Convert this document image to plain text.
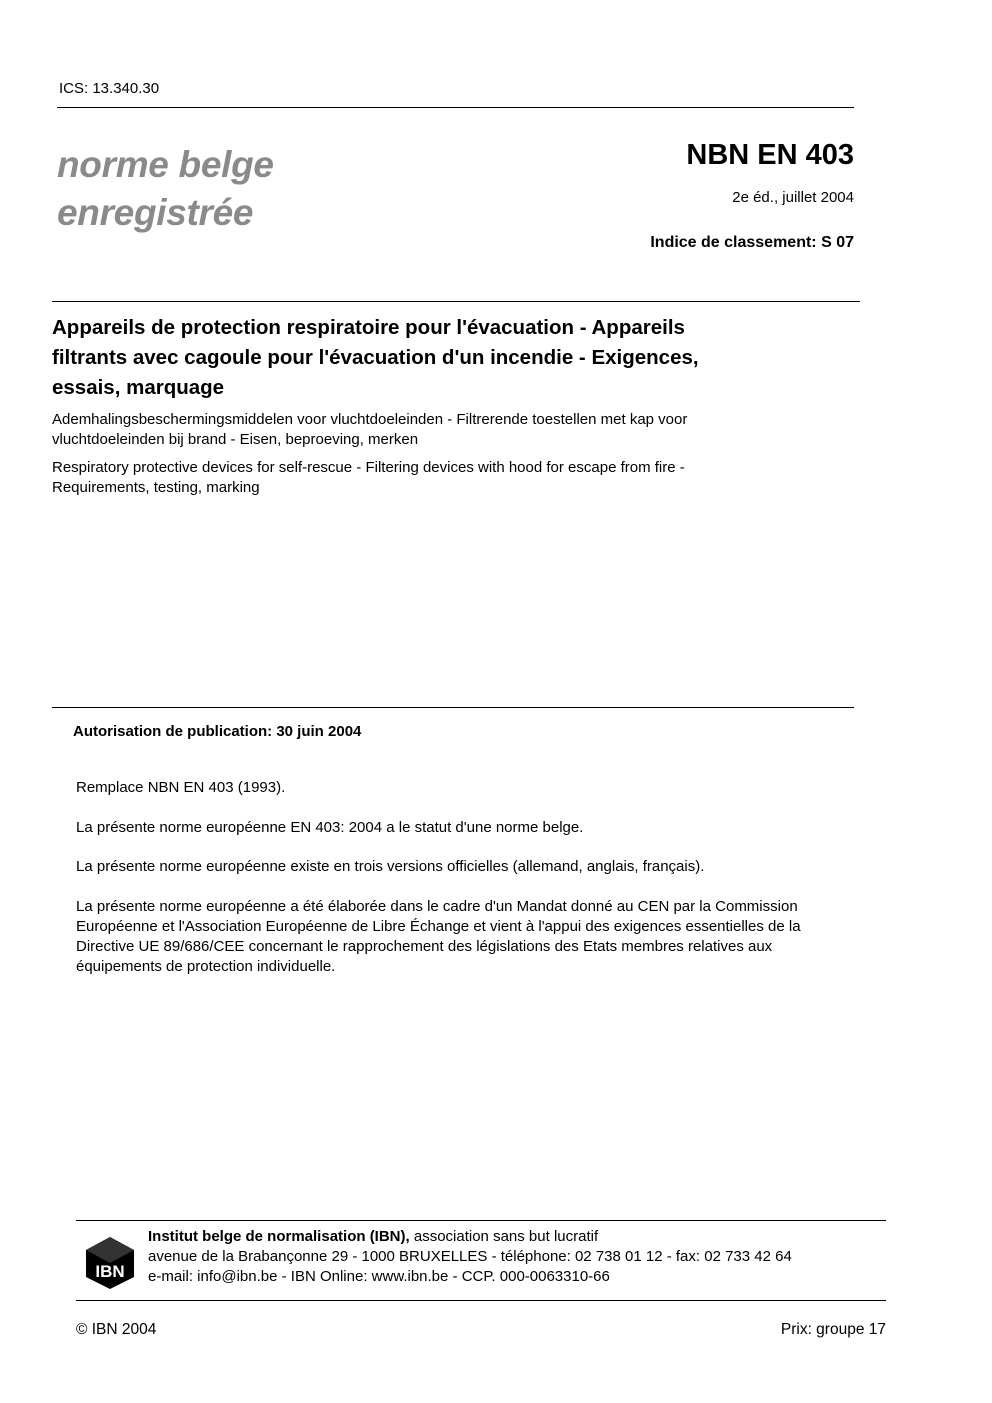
ICS: 13.340.30
norme belge
enregistrée
NBN EN 403
2e éd., juillet 2004
Indice de classement: S 07
Appareils de protection respiratoire pour l'évacuation - Appareils
filtrants avec cagoule pour l'évacuation d'un incendie - Exigences,
essais, marquage
Ademhalingsbeschermingsmiddelen voor vluchtdoeleinden - Filtrerende toestellen met kap voor
vluchtdoeleinden bij brand - Eisen, beproeving, merken
Respiratory protective devices for self-rescue - Filtering devices with hood for escape from fire -
Requirements, testing, marking
Autorisation de publication: 30 juin 2004
Remplace NBN EN 403 (1993).
La présente norme européenne EN 403: 2004 a le statut d'une norme belge.
La présente norme européenne existe en trois versions officielles (allemand, anglais, français).
La présente norme européenne a été élaborée dans le cadre d'un Mandat donné au CEN par la Commission
Européenne et l'Association Européenne de Libre Échange et vient à l'appui des exigences essentielles de la
Directive UE 89/686/CEE concernant le rapprochement des législations des Etats membres relatives aux
équipements de protection individuelle.
IBN
Institut belge de normalisation (IBN), association sans but lucratif
avenue de la Brabançonne 29 - 1000 BRUXELLES - téléphone: 02 738 01 12 - fax: 02 733 42 64
e-mail: info@ibn.be - IBN Online: www.ibn.be - CCP. 000-0063310-66
© IBN 2004	Prix: groupe 17
